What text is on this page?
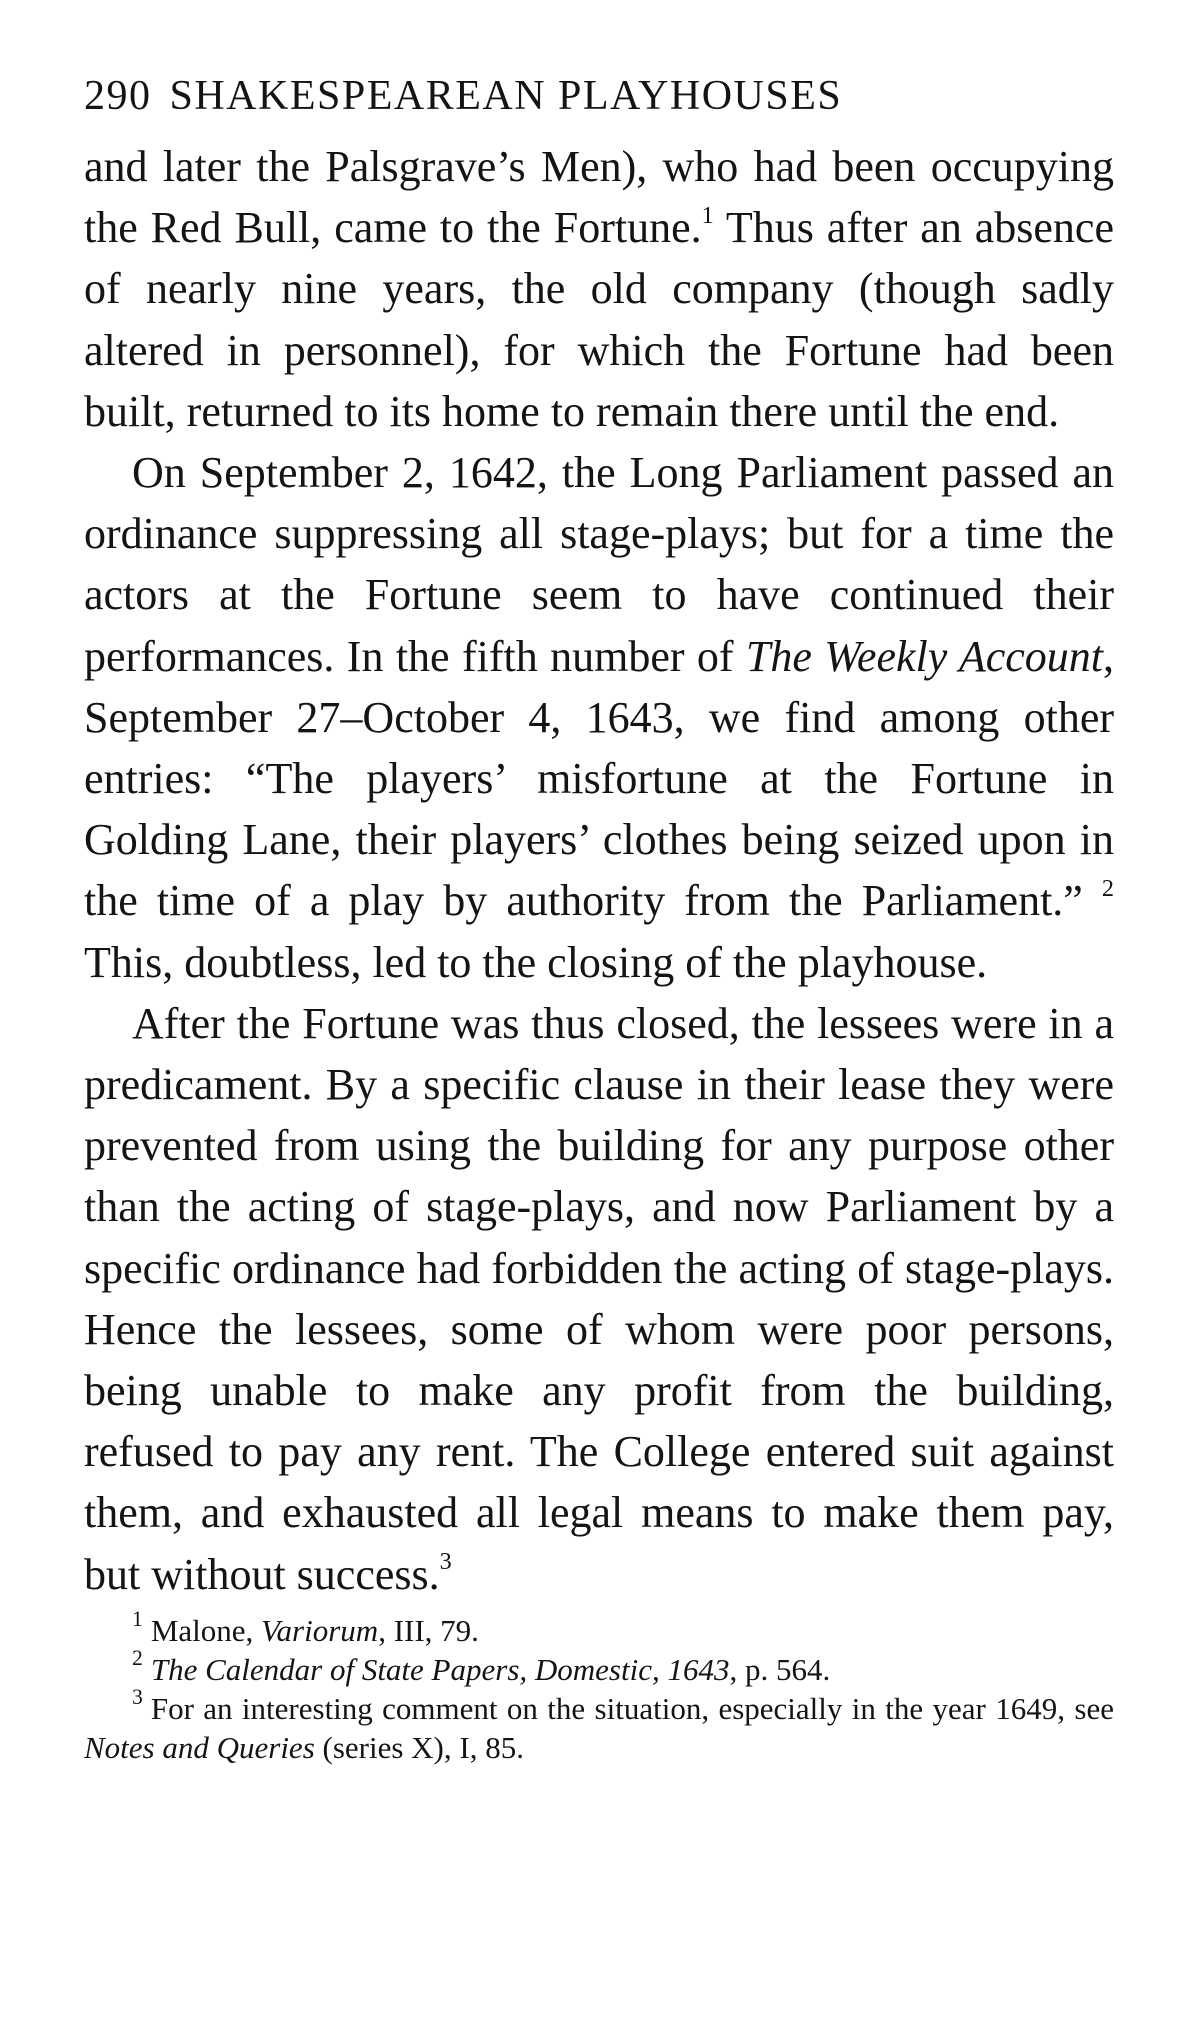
290 SHAKESPEAREAN PLAYHOUSES

and later the Palsgrave’s Men), who had been occupying the Red Bull, came to the Fortune.$^1$ Thus after an absence of nearly nine years, the old company (though sadly altered in personnel), for which the Fortune had been built, returned to its home to remain there until the end.

On September 2, 1642, the Long Parliament passed an ordinance suppressing all stage-plays; but for a time the actors at the Fortune seem to have continued their performances. In the fifth number of The Weekly Account, September 27–October 4, 1643, we find among other entries: “The players’ misfortune at the Fortune in Golding Lane, their players’ clothes being seized upon in the time of a play by authority from the Parliament.” $^2$ This, doubtless, led to the closing of the playhouse.

After the Fortune was thus closed, the lessees were in a predicament. By a specific clause in their lease they were prevented from using the building for any purpose other than the acting of stage-plays, and now Parliament by a specific ordinance had forbidden the acting of stage-plays. Hence the lessees, some of whom were poor persons, being unable to make any profit from the building, refused to pay any rent. The College entered suit against them, and exhausted all legal means to make them pay, but without success.$^3$

$^1$ Malone, Variorum, III, 79.

$^2$ The Calendar of State Papers, Domestic, 1643, p. 564.

$^3$ For an interesting comment on the situation, especially in the year 1649, see Notes and Queries (series X), I, 85.
